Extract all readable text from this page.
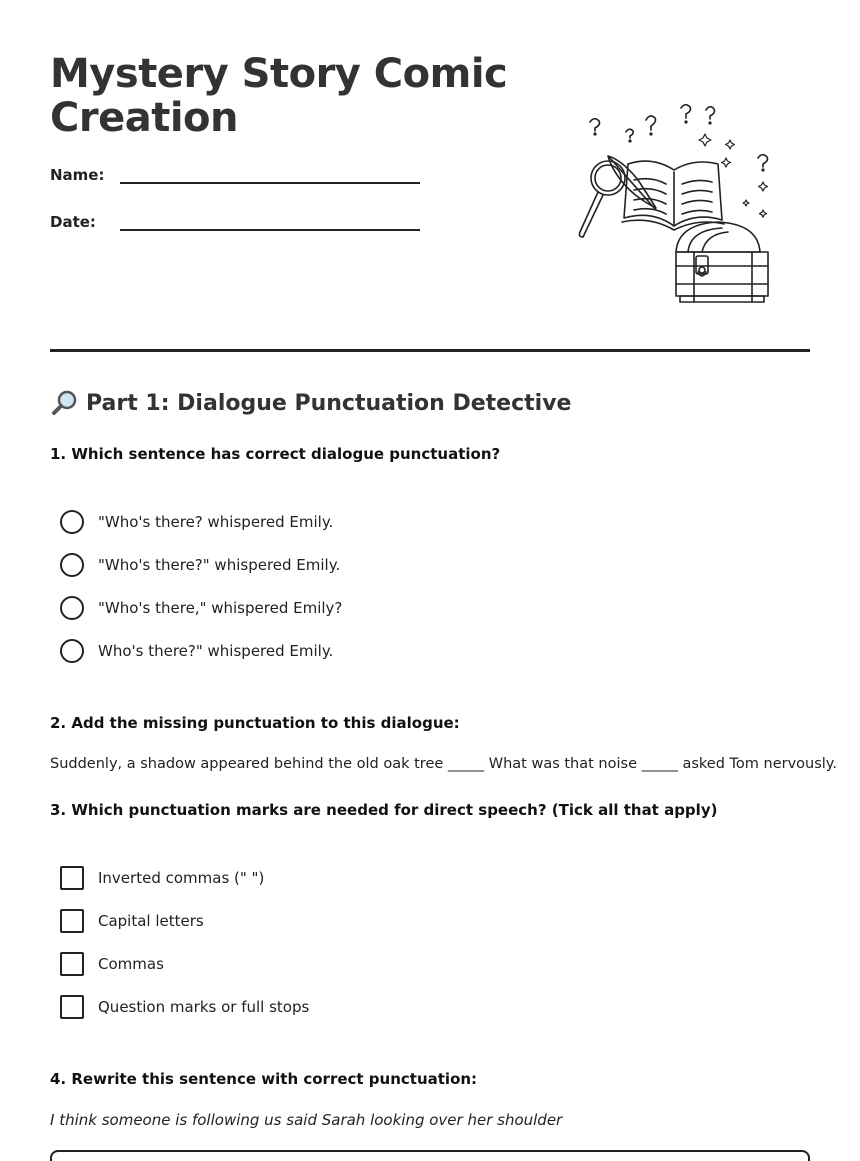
Mystery Story Comic Creation
Name:
Date:
Part 1: Dialogue Punctuation Detective
1. Which sentence has correct dialogue punctuation?
"Who's there? whispered Emily.
"Who's there?" whispered Emily.
"Who's there," whispered Emily?
Who's there?" whispered Emily.
2. Add the missing punctuation to this dialogue:
Suddenly, a shadow appeared behind the old oak tree _____ What was that noise _____ asked Tom nervously.
3. Which punctuation marks are needed for direct speech? (Tick all that apply)
Inverted commas (" ")
Capital letters
Commas
Question marks or full stops
4. Rewrite this sentence with correct punctuation:
I think someone is following us said Sarah looking over her shoulder
